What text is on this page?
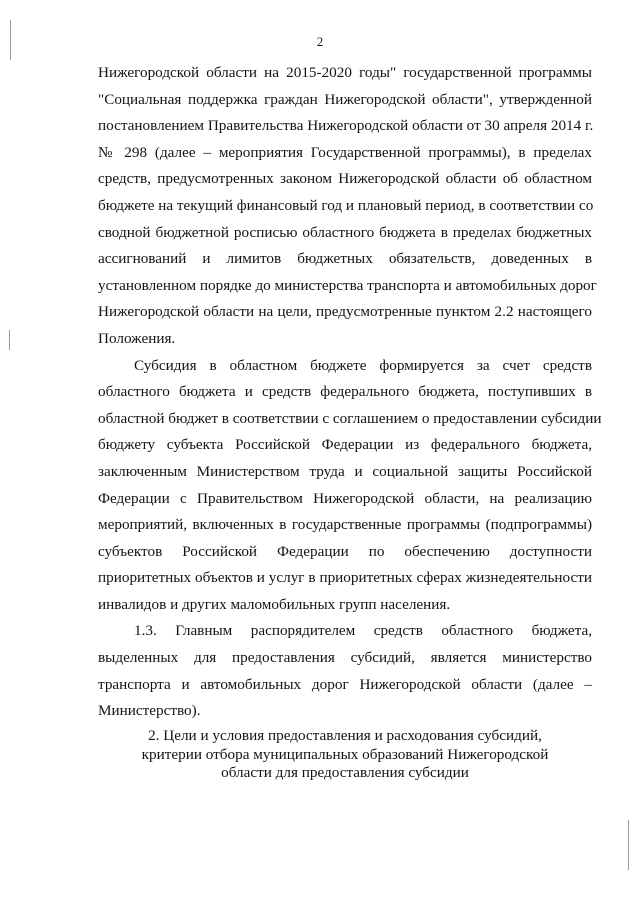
2
Нижегородской области на 2015-2020 годы" государственной программы
"Социальная поддержка граждан Нижегородской области", утвержденной
постановлением Правительства Нижегородской области от 30 апреля 2014 г.
№ 298 (далее – мероприятия Государственной программы), в пределах
средств, предусмотренных законом Нижегородской области об областном
бюджете на текущий финансовый год и плановый период, в соответствии со
сводной бюджетной росписью областного бюджета в пределах бюджетных
ассигнований и лимитов бюджетных обязательств, доведенных в
установленном порядке до министерства транспорта и автомобильных дорог
Нижегородской области на цели, предусмотренные пунктом 2.2 настоящего
Положения.
Субсидия в областном бюджете формируется за счет средств
областного бюджета и средств федерального бюджета, поступивших в
областной бюджет в соответствии с соглашением о предоставлении субсидии
бюджету субъекта Российской Федерации из федерального бюджета,
заключенным Министерством труда и социальной защиты Российской
Федерации с Правительством Нижегородской области, на реализацию
мероприятий, включенных в государственные программы (подпрограммы)
субъектов Российской Федерации по обеспечению доступности
приоритетных объектов и услуг в приоритетных сферах жизнедеятельности
инвалидов и других маломобильных групп населения.
1.3. Главным распорядителем средств областного бюджета,
выделенных для предоставления субсидий, является министерство
транспорта и автомобильных дорог Нижегородской области (далее –
Министерство).
2. Цели и условия предоставления и расходования субсидий,
критерии отбора муниципальных образований Нижегородской
области для предоставления субсидии
